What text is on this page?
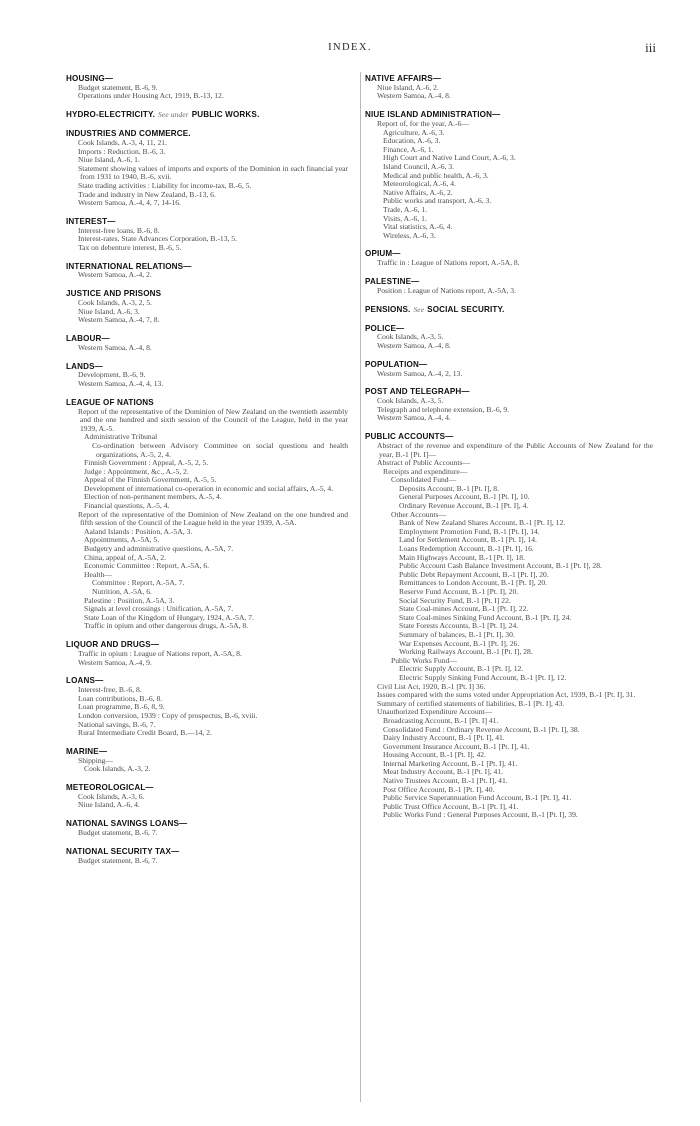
INDEX.	iii
HOUSING—
Budget statement, B.-6, 9.
Operations under Housing Act, 1919, B.-13, 12.
HYDRO-ELECTRICITY. See under PUBLIC WORKS.
INDUSTRIES AND COMMERCE.
Cook Islands, A.-3, 4, 11, 21.
Imports : Reduction, B.-6, 3.
Niue Island, A.-6, 1.
Statement showing values of imports and exports of the Dominion in each financial year from 1931 to 1940, B.-6, xvii.
State trading activities : Liability for income-tax, B.-6, 5.
Trade and industry in New Zealand, B.-13, 6.
Western Samoa, A.-4, 4, 7, 14-16.
INTEREST—
Interest-free loans, B.-6, 8.
Interest-rates, State Advances Corporation, B.-13, 5.
Tax on debenture interest, B.-6, 5.
INTERNATIONAL RELATIONS—
Western Samoa, A.-4, 2.
JUSTICE AND PRISONS
Cook Islands, A.-3, 2, 5.
Niue Island, A.-6, 3.
Western Samoa, A.-4, 7, 8.
LABOUR—
Western Samoa, A.-4, 8.
LANDS—
Development, B.-6, 9.
Western Samoa, A.-4, 4, 13.
LEAGUE OF NATIONS
Report of the representative of the Dominion of New Zealand on the twentieth assembly and the one hundred and sixth session of the Council of the League, held in the year 1939, A.-5.
Administrative Tribunal
Co-ordination between Advisory Committee on social questions and health organizations, A.-5, 2, 4.
Finnish Government : Appeal, A.-5, 2, 5.
Judge : Appointment, &c., A.-5, 2.
Appeal of the Finnish Government, A.-5, 5.
Development of international co-operation in economic and social affairs, A.-5, 4.
Election of non-permanent members, A.-5, 4.
Financial questions, A.-5, 4.
Report of the representative of the Dominion of New Zealand on the one hundred and fifth session of the Council of the League held in the year 1939, A.-5A.
Aaland Islands : Position, A.-5A, 3.
Appointments, A.-5A, 5.
Budgetry and administrative questions, A.-5A, 7.
China, appeal of, A.-5A, 2.
Economic Committee : Report, A.-5A, 6.
Health—
Committee : Report, A.-5A, 7.
Nutrition, A.-5A, 6.
Palestine : Position, A.-5A, 3.
Signals at level crossings : Unification, A.-5A, 7.
State Loan of the Kingdom of Hungary, 1924, A.-5A, 7.
Traffic in opium and other dangerous drugs, A.-5A, 8.
LIQUOR AND DRUGS—
Traffic in opium : League of Nations report, A.-5A, 8.
Western Samoa, A.-4, 9.
LOANS—
Interest-free, B.-6, 8.
Loan contributions, B.-6, 8.
Loan programme, B.-6, 8, 9.
London conversion, 1939 : Copy of prospectus, B.-6, xviii.
National savings, B.-6, 7.
Rural Intermediate Credit Board, B.—14, 2.
MARINE—
Shipping—
Cook Islands, A.-3, 2.
METEOROLOGICAL—
Cook Islands, A.-3, 6.
Niue Island, A.-6, 4.
NATIONAL SAVINGS LOANS—
Budget statement, B.-6, 7.
NATIONAL SECURITY TAX—
Budget statement, B.-6, 7.
NATIVE AFFAIRS—
Niue Island, A.-6, 2.
Western Samoa, A.-4, 8.
NIUE ISLAND ADMINISTRATION—
Report of, for the year, A.-6—
Agriculture, A.-6, 3.
Education, A.-6, 3.
Finance, A.-6, 1.
High Court and Native Land Court, A.-6, 3.
Island Council, A.-6, 3.
Medical and public health, A.-6, 3.
Meteorological, A.-6, 4.
Native Affairs, A.-6, 2.
Public works and transport, A.-6, 3.
Trade, A.-6, 1.
Visits, A.-6, 1.
Vital statistics, A.-6, 4.
Wireless, A.-6, 3.
OPIUM—
Traffic in : League of Nations report, A.-5A, 8.
PALESTINE—
Position : League of Nations report, A.-5A, 3.
PENSIONS. See SOCIAL SECURITY.
POLICE—
Cook Islands, A.-3, 5.
Western Samoa, A.-4, 8.
POPULATION—
Western Samoa, A.-4, 2, 13.
POST AND TELEGRAPH—
Cook Islands, A.-3, 5.
Telegraph and telephone extension, B.-6, 9.
Western Samoa, A.-4, 4.
PUBLIC ACCOUNTS—
Abstract of the revenue and expenditure of the Public Accounts of New Zealand for the year, B.-1 [Pt. I]—
Abstract of Public Accounts—
Receipts and expenditure—
Consolidated Fund—
Deposits Account, B.-1 [Pt. I], 8.
General Purposes Account, B.-1 [Pt. I], 10.
Ordinary Revenue Account, B.-1 [Pt. I], 4.
Other Accounts—
Bank of New Zealand Shares Account, B.-1 [Pt. I], 12.
Employment Promotion Fund, B.-1 [Pt. I], 14.
Land for Settlement Account, B.-1 [Pt. I], 14.
Loans Redemption Account, B.-1 [Pt. I], 16.
Main Highways Account, B.-1 [Pt. I], 18.
Public Account Cash Balance Investment Account, B.-1 [Pt. I], 28.
Public Debt Repayment Account, B.-1 [Pt. I], 20.
Remittances to London Account, B.-1 [Pt. I], 20.
Reserve Fund Account, B.-1 [Pt. I], 20.
Social Security Fund, B.-1 [Pt. I] 22.
State Coal-mines Account, B.-1 [Pt. I], 22.
State Coal-mines Sinking Fund Account, B.-1 [Pt. I], 24.
State Forests Accounts, B.-1 [Pt. I], 24.
Summary of balances, B.-1 [Pt. I], 30.
War Expenses Account, B.-1 [Pt. I], 26.
Working Railways Account, B.-1 [Pt. I], 28.
Public Works Fund—
Electric Supply Account, B.-1 [Pt. I], 12.
Electric Supply Sinking Fund Account, B.-1 [Pt. I], 12.
Civil List Act, 1920, B.-1 [Pt. I] 36.
Issues compared with the sums voted under Appropriation Act, 1939, B.-1 [Pt. I], 31.
Summary of certified statements of liabilities, B.-1 [Pt. I], 43.
Unauthorized Expenditure Account—
Broadcasting Account, B.-1 [Pt. I] 41.
Consolidated Fund : Ordinary Revenue Account, B.-1 [Pt. I], 38.
Dairy Industry Account, B.-1 [Pt. I], 41.
Government Insurance Account, B.-1 [Pt. I], 41.
Housing Account, B.-1 [Pt. I], 42.
Internal Marketing Account, B.-1 [Pt. I], 41.
Meat Industry Account, B.-1 [Pt. I], 41.
Native Trustees Account, B.-1 [Pt. I], 41.
Post Office Account, B.-1 [Pt. I], 40.
Public Service Superannuation Fund Account, B.-1 [Pt. I], 41.
Public Trust Office Account, B.-1 [Pt. I], 41.
Public Works Fund : General Purposes Account, B.-1 [Pt. I], 39.
